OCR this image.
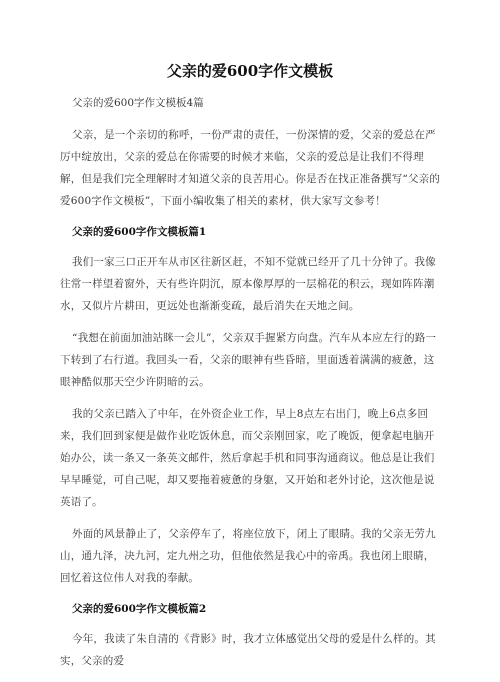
父亲的爱600字作文模板

父亲的爱600字作文模板4篇

父亲，是一个亲切的称呼，一份严肃的责任，一份深情的爱，父亲的爱总在严厉中绽放出，父亲的爱总在你需要的时候才来临，父亲的爱总是让我们不得理解，但是我们完全理解时才知道父亲的良苦用心。你是否在找正准备撰写“父亲的爱600字作文模板”，下面小编收集了相关的素材，供大家写文参考！

父亲的爱600字作文模板篇1

我们一家三口正开车从市区往新区赶，不知不觉就已经开了几十分钟了。我像往常一样望着窗外，天有些许阴沉，原本像厚厚的一层棉花的积云，现如阵阵潮水，又似片片耕田，更远处也渐渐变疏，最后消失在天地之间。

“我想在前面加油站眯一会儿”，父亲双手握紧方向盘。汽车从本应左行的路一下转到了右行道。我回头一看，父亲的眼神有些昏暗，里面透着满满的疲惫，这眼神酷似那天空少许阴暗的云。

我的父亲已踏入了中年，在外资企业工作，早上8点左右出门，晚上6点多回来，我们回到家便是做作业吃饭休息，而父亲刚回家，吃了晚饭，便拿起电脑开始办公，读一条又一条英文邮件，然后拿起手机和同事沟通商议。他总是让我们早早睡觉，可自己呢，却又要拖着疲惫的身躯，又开始和老外讨论，这次他是说英语了。

外面的风景静止了，父亲停车了，将座位放下，闭上了眼睛。我的父亲无劳九山，通九泽，决九河，定九州之功，但他依然是我心中的帝禹。我也闭上眼睛，回忆着这位伟人对我的奉献。

父亲的爱600字作文模板篇2

今年，我读了朱自清的《背影》时，我才立体感觉出父母的爱是什么样的。其实，父亲的爱
